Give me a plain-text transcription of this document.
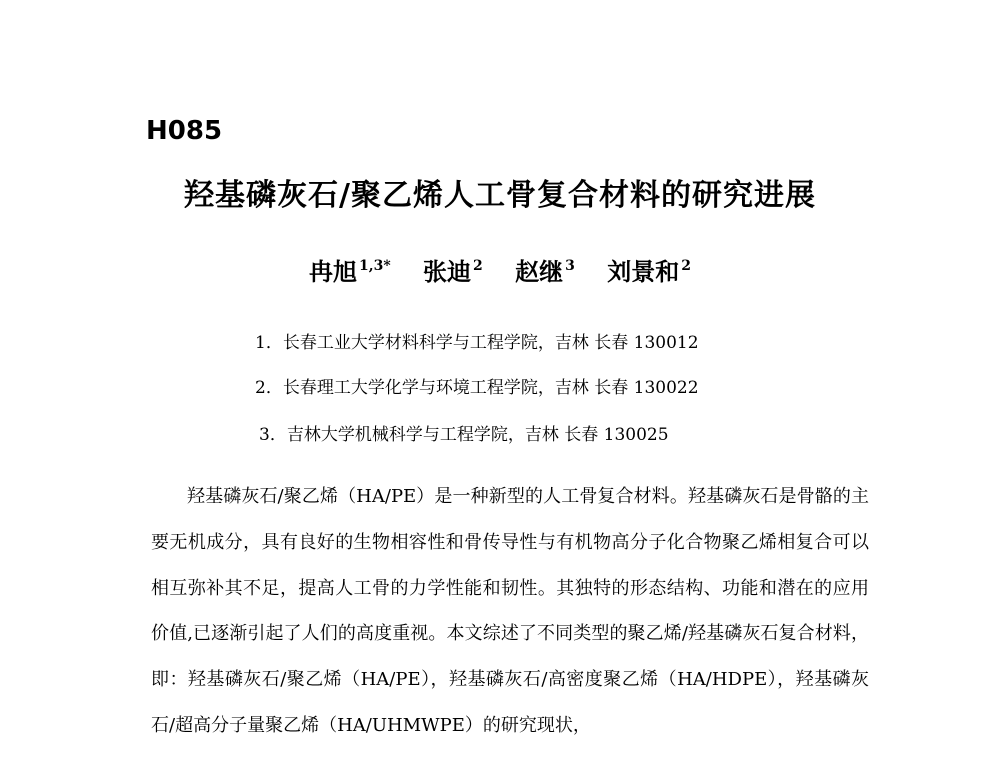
H085
羟基磷灰石/聚乙烯人工骨复合材料的研究进展
冉旭 $^{1,3*}$ 张迪 $^2$ 赵继 $^3$ 刘景和 $^2$
1．长春工业大学材料科学与工程学院，吉林 长春 130012
2．长春理工大学化学与环境工程学院，吉林 长春 130022
3．吉林大学机械科学与工程学院，吉林 长春 130025

羟基磷灰石/聚乙烯（HA/PE）是一种新型的人工骨复合材料。羟基磷灰石是骨骼的主要无机成分，具有良好的生物相容性和骨传导性与有机物高分子化合物聚乙烯相复合可以相互弥补其不足，提高人工骨的力学性能和韧性。其独特的形态结构、功能和潜在的应用价值,已逐渐引起了人们的高度重视。本文综述了不同类型的聚乙烯/羟基磷灰石复合材料，即：羟基磷灰石/聚乙烯（HA/PE），羟基磷灰石/高密度聚乙烯（HA/HDPE），羟基磷灰石/超高分子量聚乙烯（HA/UHMWPE）的研究现状，
